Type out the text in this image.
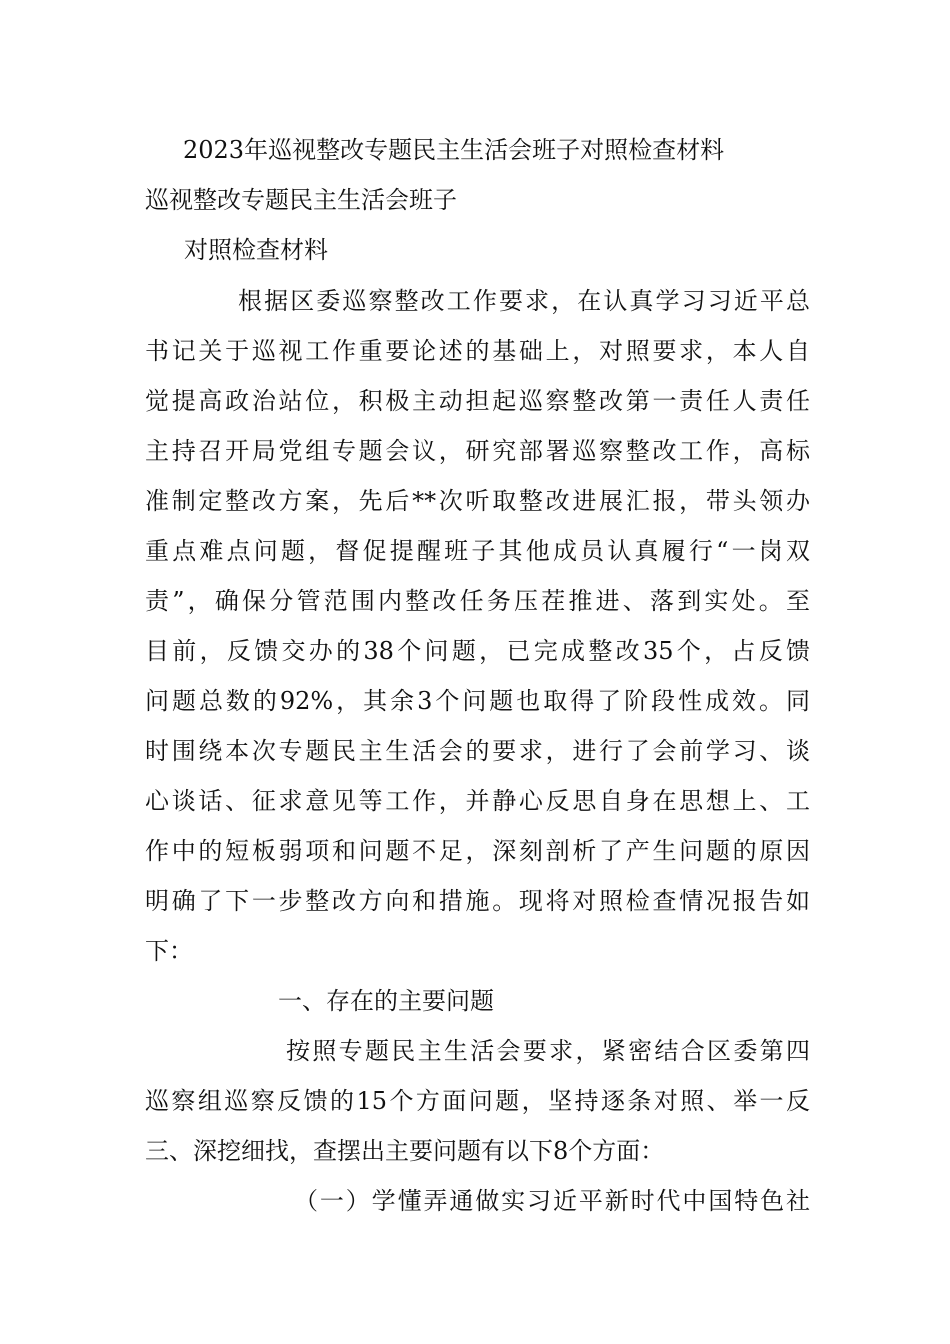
2023年巡视整改专题民主生活会班子对照检查材料
巡视整改专题民主生活会班子
对照检查材料
根据区委巡察整改工作要求，在认真学习习近平总
书记关于巡视工作重要论述的基础上，对照要求，本人自
觉提高政治站位，积极主动担起巡察整改第一责任人责任
主持召开局党组专题会议，研究部署巡察整改工作，高标
准制定整改方案，先后**次听取整改进展汇报，带头领办
重点难点问题，督促提醒班子其他成员认真履行“一岗双
责”，确保分管范围内整改任务压茬推进、落到实处。至
目前，反馈交办的38个问题，已完成整改35个，占反馈
问题总数的92%，其余3个问题也取得了阶段性成效。同
时围绕本次专题民主生活会的要求，进行了会前学习、谈
心谈话、征求意见等工作，并静心反思自身在思想上、工
作中的短板弱项和问题不足，深刻剖析了产生问题的原因
明确了下一步整改方向和措施。现将对照检查情况报告如
下：
一、存在的主要问题
按照专题民主生活会要求，紧密结合区委第四
巡察组巡察反馈的15个方面问题，坚持逐条对照、举一反
三、深挖细找，查摆出主要问题有以下8个方面：
（一）学懂弄通做实习近平新时代中国特色社
